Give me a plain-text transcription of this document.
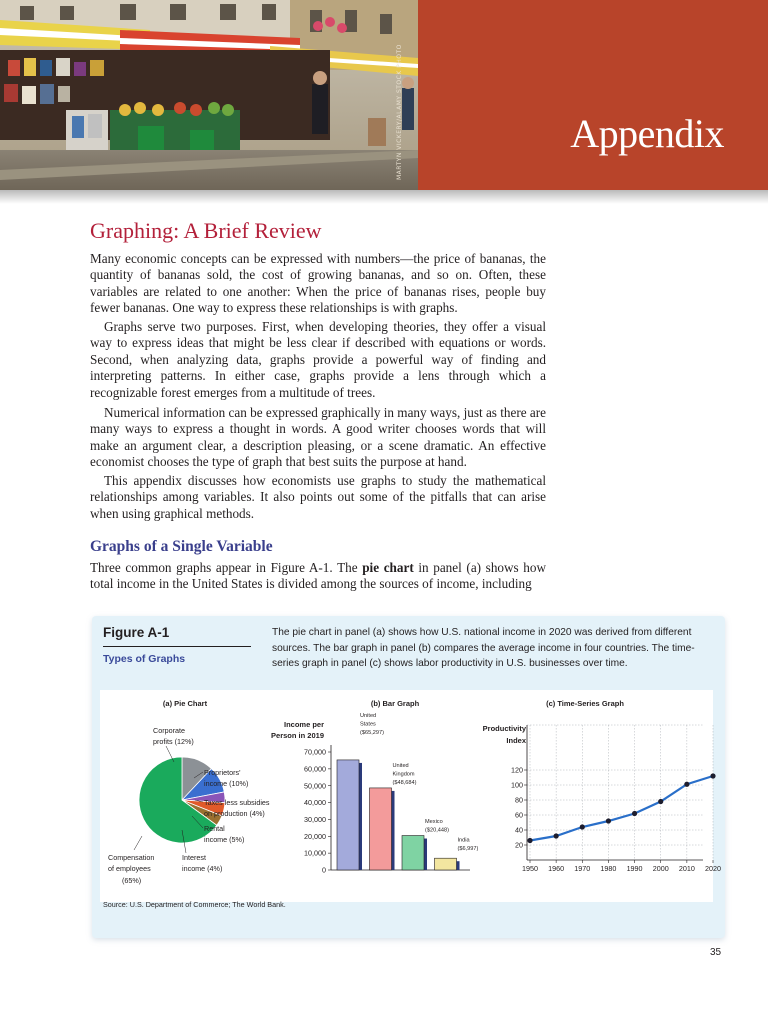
MARTYN VICKERY/ALAMY STOCK PHOTO	Appendix
Graphing: A Brief Review

Many economic concepts can be expressed with numbers—the price of bananas, the quantity of bananas sold, the cost of growing bananas, and so on. Often, these variables are related to one another: When the price of bananas rises, people buy fewer bananas. One way to express these relationships is with graphs.

Graphs serve two purposes. First, when developing theories, they offer a visual way to express ideas that might be less clear if described with equations or words. Second, when analyzing data, graphs provide a powerful way of finding and interpreting patterns. In either case, graphs provide a lens through which a recognizable forest emerges from a multitude of trees.

Numerical information can be expressed graphically in many ways, just as there are many ways to express a thought in words. A good writer chooses words that will make an argument clear, a description pleasing, or a scene dramatic. An effective economist chooses the type of graph that best suits the purpose at hand.

This appendix discusses how economists use graphs to study the mathematical relationships among variables. It also points out some of the pitfalls that can arise when using graphical methods.

Graphs of a Single Variable

Three common graphs appear in Figure A-1. The pie chart in panel (a) shows how total income in the United States is divided among the sources of income, including

Figure A-1
Types of Graphs
The pie chart in panel (a) shows how U.S. national income in 2020 was derived from different sources. The bar graph in panel (b) compares the average income in four countries. The time-series graph in panel (c) shows labor productivity in U.S. businesses over time.
(a) Pie Chart	(b) Bar Graph	(c) Time-Series Graph
Corporate
profits (12%)
Proprietors'
income (10%)
Taxes less subsidies
on production (4%)
Rental
income (5%)
Interest
income (4%)
Compensation
of employees
(65%)
Income per
Person in 2019
0
10,000
20,000
30,000
40,000
50,000
60,000
70,000
United
States
($65,297)
United
Kingdom
($48,684)
Mexico
($20,448)
India
($6,997)
Productivity
Index
20
40
60
80
100
120
1950 1960 1970 1980 1990 2000 2010 2020
Source: U.S. Department of Commerce; The World Bank.
35
